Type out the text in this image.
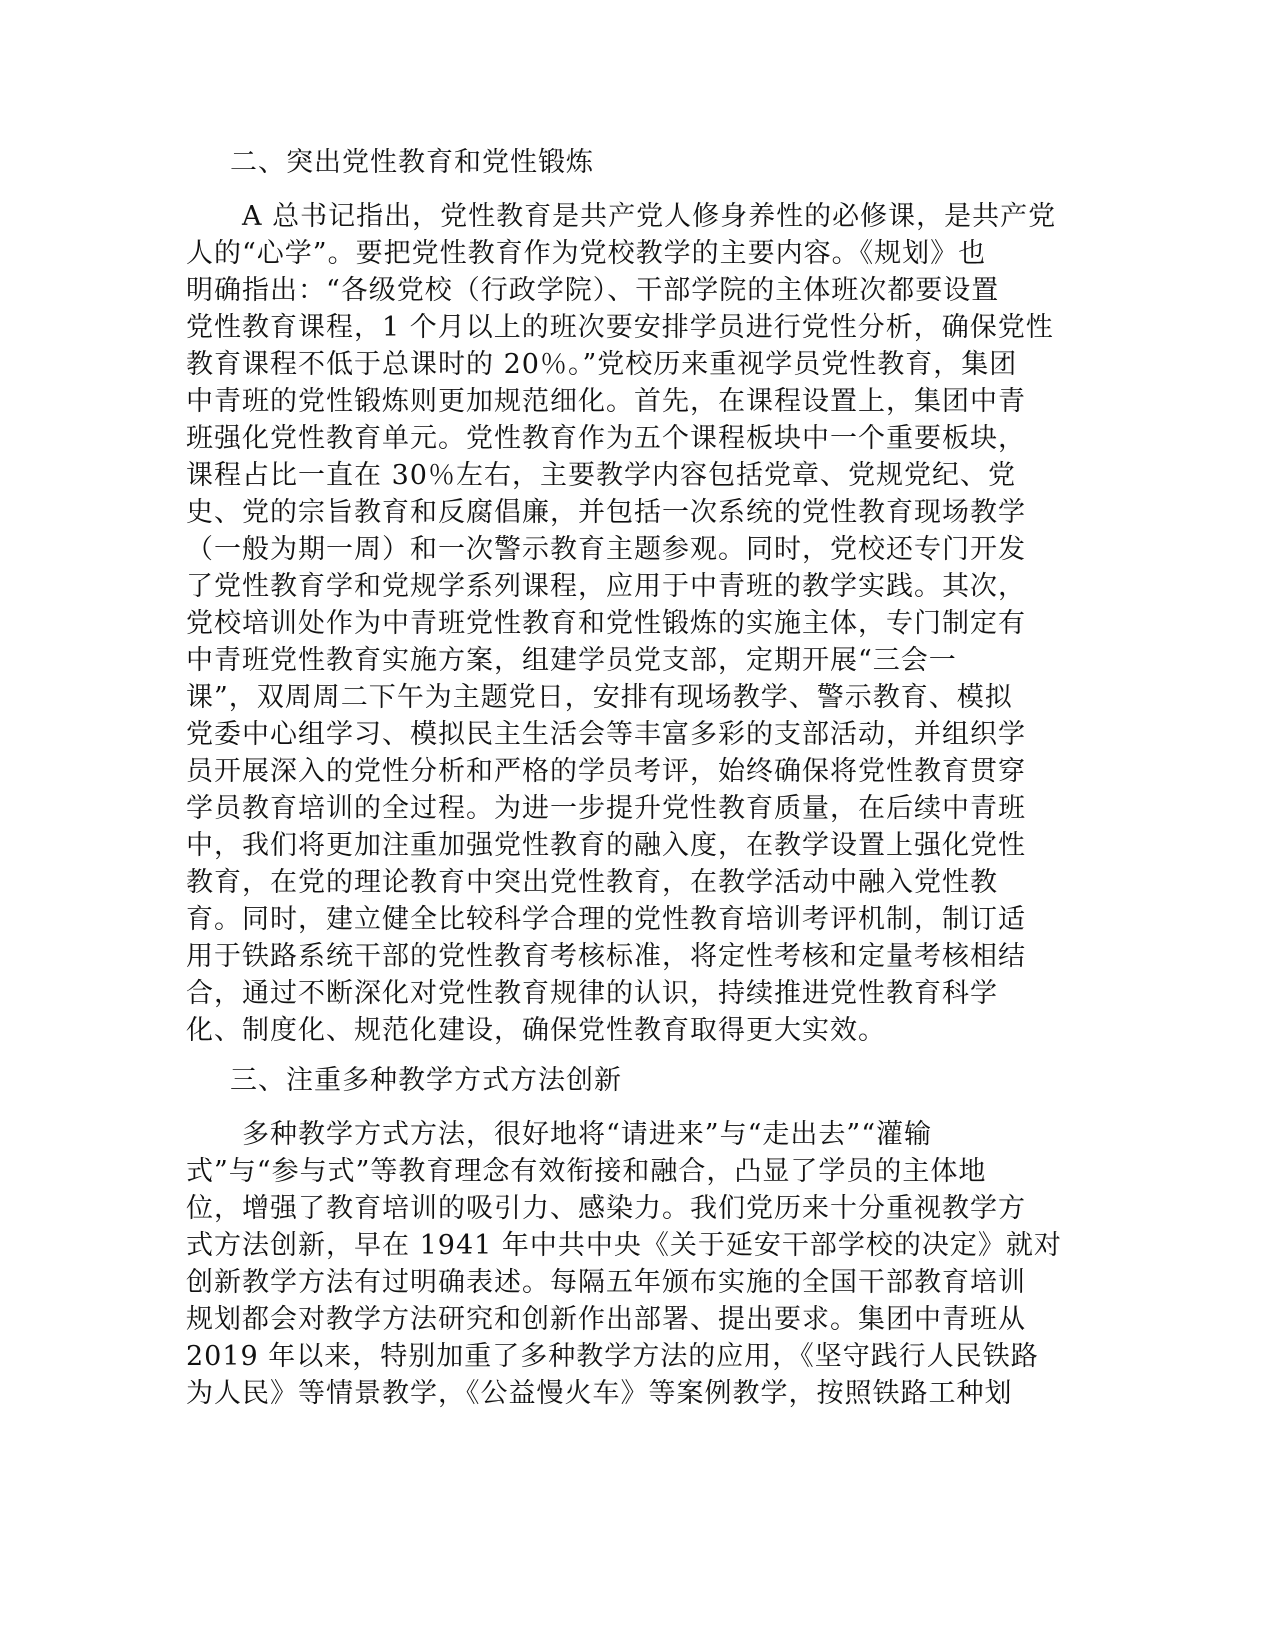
二、突出党性教育和党性锻炼
　　A 总书记指出，党性教育是共产党人修身养性的必修课，是共产党
人的“心学”。要把党性教育作为党校教学的主要内容。《规划》也
明确指出：“各级党校（行政学院）、干部学院的主体班次都要设置
党性教育课程，1 个月以上的班次要安排学员进行党性分析，确保党性
教育课程不低于总课时的 20％。”党校历来重视学员党性教育，集团
中青班的党性锻炼则更加规范细化。首先，在课程设置上，集团中青
班强化党性教育单元。党性教育作为五个课程板块中一个重要板块，
课程占比一直在 30％左右，主要教学内容包括党章、党规党纪、党
史、党的宗旨教育和反腐倡廉，并包括一次系统的党性教育现场教学
（一般为期一周）和一次警示教育主题参观。同时，党校还专门开发
了党性教育学和党规学系列课程，应用于中青班的教学实践。其次，
党校培训处作为中青班党性教育和党性锻炼的实施主体，专门制定有
中青班党性教育实施方案，组建学员党支部，定期开展“三会一
课”，双周周二下午为主题党日，安排有现场教学、警示教育、模拟
党委中心组学习、模拟民主生活会等丰富多彩的支部活动，并组织学
员开展深入的党性分析和严格的学员考评，始终确保将党性教育贯穿
学员教育培训的全过程。为进一步提升党性教育质量，在后续中青班
中，我们将更加注重加强党性教育的融入度，在教学设置上强化党性
教育，在党的理论教育中突出党性教育，在教学活动中融入党性教
育。同时，建立健全比较科学合理的党性教育培训考评机制，制订适
用于铁路系统干部的党性教育考核标准，将定性考核和定量考核相结
合，通过不断深化对党性教育规律的认识，持续推进党性教育科学
化、制度化、规范化建设，确保党性教育取得更大实效。
三、注重多种教学方式方法创新
　　多种教学方式方法，很好地将“请进来”与“走出去”“灌输
式”与“参与式”等教育理念有效衔接和融合，凸显了学员的主体地
位，增强了教育培训的吸引力、感染力。我们党历来十分重视教学方
式方法创新，早在 1941 年中共中央《关于延安干部学校的决定》就对
创新教学方法有过明确表述。每隔五年颁布实施的全国干部教育培训
规划都会对教学方法研究和创新作出部署、提出要求。集团中青班从
2019 年以来，特别加重了多种教学方法的应用，《坚守践行人民铁路
为人民》等情景教学，《公益慢火车》等案例教学，按照铁路工种划
